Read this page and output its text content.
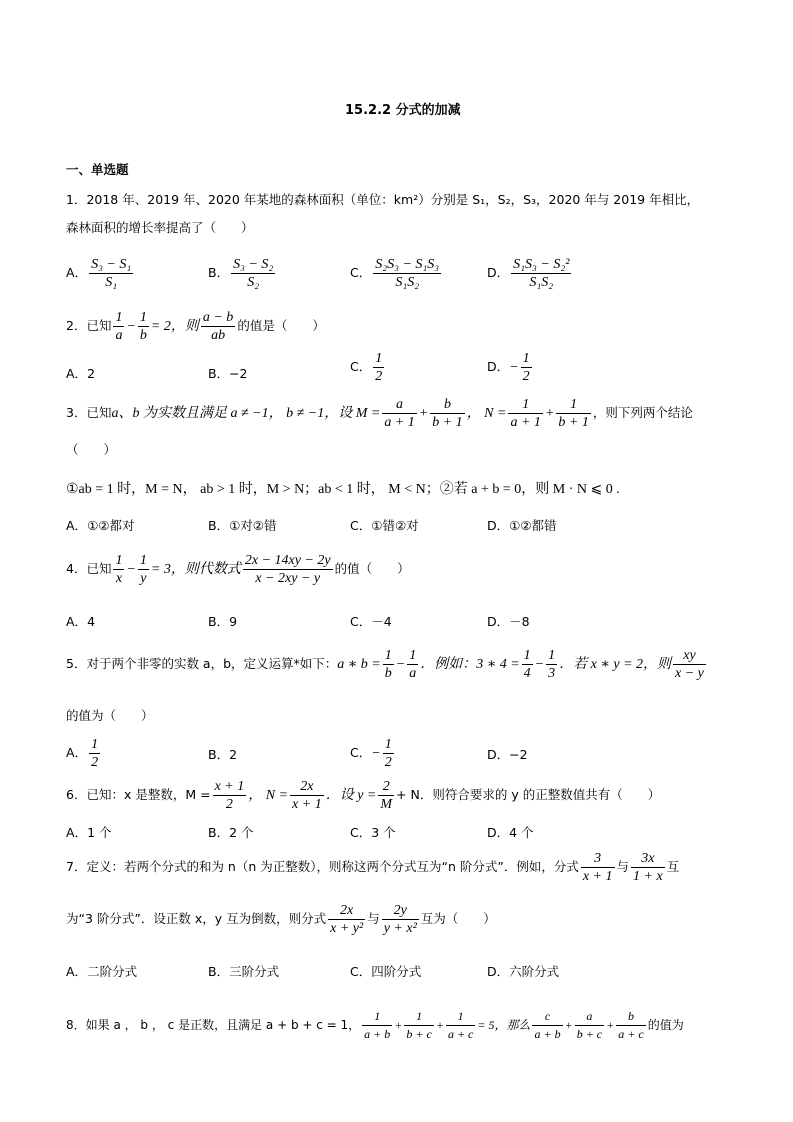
15.2.2 分式的加减
一、单选题
1．2018 年、2019 年、2020 年某地的森林面积（单位：km²）分别是 S₁，S₂，S₃，2020 年与 2019 年相比，
森林面积的增长率提高了（　　）
A． $\frac{\text{S₃ − S₁}}{\text{S₁}}$	B． $\frac{\text{S₃ − S₂}}{\text{S₂}}$	C． $\frac{\text{S₂S₃ − S₁S₃}}{\text{S₁S₂}}$	D． $\frac{\text{S₁S₃ − S₂²}}{\text{S₁S₂}}$
2．已知 $\frac{1}{a} - \frac{1}{b} = 2$，则 $\frac{a - b}{ab}$ 的值是（　　）
A．2	B．−2	C． $\frac{1}{2}$	D．− $\frac{1}{2}$
3．已知a、b 为实数且满足 a ≠ −1， b ≠ −1，设 $M = \frac{a}{a + 1} + \frac{b}{b + 1}$ ， $N = \frac{1}{a + 1} + \frac{1}{b + 1}$ ，则下列两个结论
（　　）
①ab = 1 时，M = N， ab > 1 时，M > N；ab < 1 时， M < N；②若 a + b = 0，则 M · N ⩽ 0 .
A．①②都对	B．①对②错	C．①错②对	D．①②都错
4．已知 $\frac{1}{x} - \frac{1}{y} = 3$，则代数式 $\frac{2x - 14xy - 2y}{x - 2xy - y}$ 的值（　　）
A．4	B．9	C．－4	D．－8
5．对于两个非零的实数 a，b，定义运算*如下：a ∗ $b = \frac{1}{b} - \frac{1}{a}$ ．例如：3 ∗ $4 = \frac{1}{4} - \frac{1}{3}$ ．若 x ∗ y = 2，则 $\frac{xy}{x - y}$
的值为（　　）
A． $\frac{1}{2}$	B．2	C．− $\frac{1}{2}$	D．−2
6．已知：x 是整数，$M = \frac{x + 1}{2}$ ， $N = \frac{2x}{x + 1}$ ．设 $y = \frac{2}{M} + N$．则符合要求的 y 的正整数值共有（　　）
A．1 个	B．2 个	C．3 个	D．4 个
7．定义：若两个分式的和为 n（n 为正整数），则称这两个分式互为“n 阶分式”．例如，分式 $\frac{3}{x + 1}$ 与 $\frac{3x}{1 + x}$ 互
为“3 阶分式”．设正数 x，y 互为倒数，则分式 $\frac{2x}{\text{x + y²}}$ 与 $\frac{2y}{\text{y + x²}}$ 互为（　　）
A．二阶分式	B．三阶分式	C．四阶分式	D．六阶分式
8．如果 a ， b ， c 是正数，且满足 a + b + c = 1， $\frac{1}{a + b} + \frac{1}{b + c} + \frac{1}{a + c} = 5$，那么 $\frac{c}{a + b} + \frac{a}{b + c} + \frac{b}{a + c}$ 的值为
